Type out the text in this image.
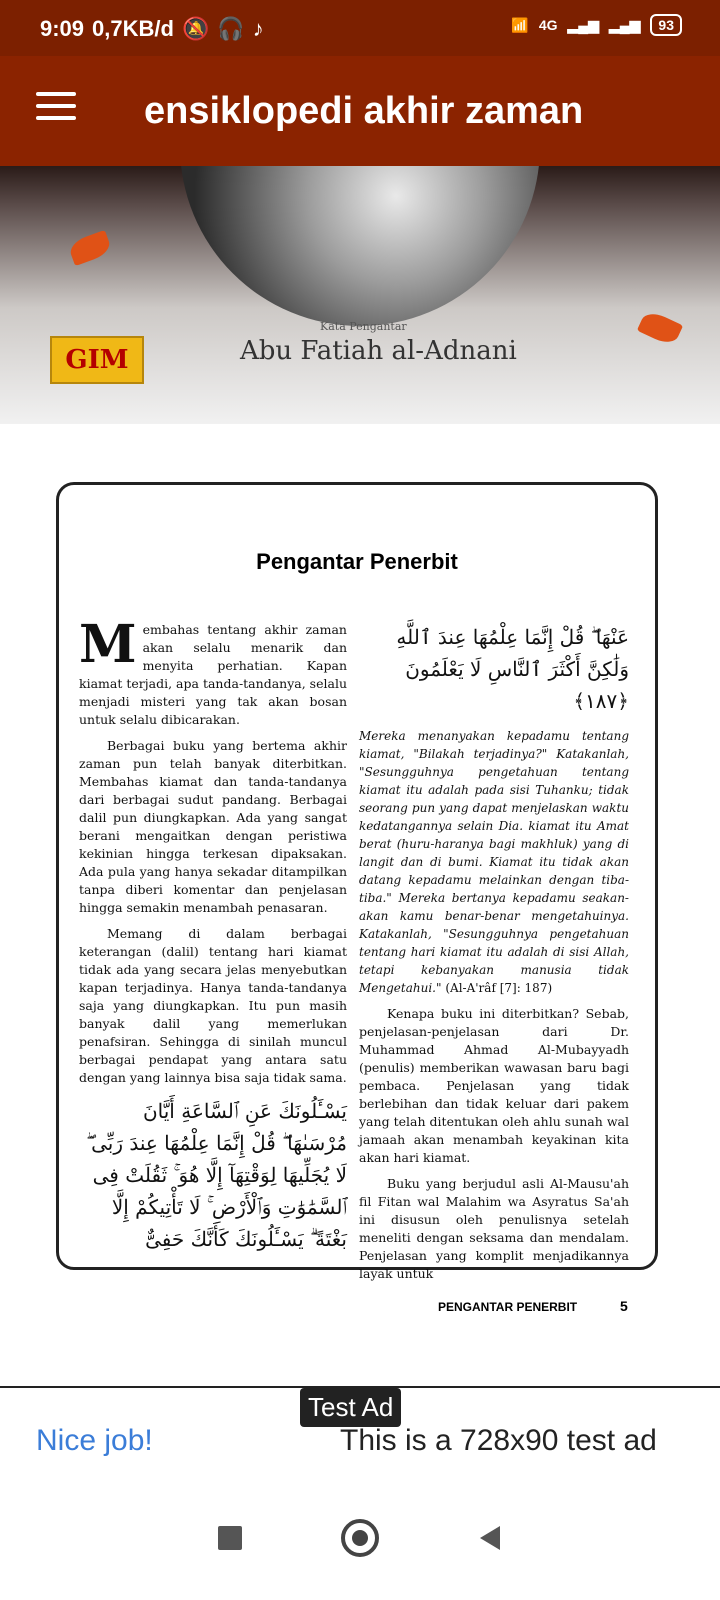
9:09 0,7KB/d 🔕 🎧 ♪	📶 4G ▂▄▆ ▂▄▆	93
ensiklopedi akhir zaman
GIM
Kata Pengantar
Abu Fatiah al-Adnani
Pengantar Penerbit

Membahas tentang akhir zaman akan selalu menarik dan menyita perhatian. Kapan kiamat terjadi, apa tanda-tandanya, selalu menjadi misteri yang tak akan bosan untuk selalu dibicarakan.

Berbagai buku yang bertema akhir zaman pun telah banyak diterbitkan. Membahas kiamat dan tanda-tandanya dari berbagai sudut pandang. Berbagai dalil pun diungkapkan. Ada yang sangat berani mengaitkan dengan peristiwa kekinian hingga terkesan dipaksakan. Ada pula yang hanya sekadar ditampilkan tanpa diberi komentar dan penjelasan hingga semakin menambah penasaran.

Memang di dalam berbagai keterangan (dalil) tentang hari kiamat tidak ada yang secara jelas menyebutkan kapan terjadinya. Hanya tanda-tandanya saja yang diungkapkan. Itu pun masih banyak dalil yang memerlukan penafsiran. Sehingga di sinilah muncul berbagai pendapat yang antara satu dengan yang lainnya bisa saja tidak sama.

يَسْـَٔلُونَكَ عَنِ ٱلسَّاعَةِ أَيَّانَ مُرْسَىٰهَا ۖ قُلْ إِنَّمَا عِلْمُهَا عِندَ رَبِّى ۖ لَا يُجَلِّيهَا لِوَقْتِهَآ إِلَّا هُوَ ۚ ثَقُلَتْ فِى ٱلسَّمَٰوَٰتِ وَٱلْأَرْضِ ۚ لَا تَأْتِيكُمْ إِلَّا بَغْتَةً ۗ يَسْـَٔلُونَكَ كَأَنَّكَ حَفِىٌّ
عَنْهَا ۖ قُلْ إِنَّمَا عِلْمُهَا عِندَ ٱللَّهِ وَلَٰكِنَّ أَكْثَرَ ٱلنَّاسِ لَا يَعْلَمُونَ ﴿١٨٧﴾

Mereka menanyakan kepadamu tentang kiamat, "Bilakah terjadinya?" Katakanlah, "Sesungguhnya pengetahuan tentang kiamat itu adalah pada sisi Tuhanku; tidak seorang pun yang dapat menjelaskan waktu kedatangannya selain Dia. kiamat itu Amat berat (huru-haranya bagi makhluk) yang di langit dan di bumi. Kiamat itu tidak akan datang kepadamu melainkan dengan tiba-tiba." Mereka bertanya kepadamu seakan-akan kamu benar-benar mengetahuinya. Katakanlah, "Sesungguhnya pengetahuan tentang hari kiamat itu adalah di sisi Allah, tetapi kebanyakan manusia tidak Mengetahui." (Al-A'râf [7]: 187)

Kenapa buku ini diterbitkan? Sebab, penjelasan-penjelasan dari Dr. Muhammad Ahmad Al-Mubayyadh (penulis) memberikan wawasan baru bagi pembaca. Penjelasan yang tidak berlebihan dan tidak keluar dari pakem yang telah ditentukan oleh ahlu sunah wal jamaah akan menambah keyakinan kita akan hari kiamat.

Buku yang berjudul asli Al-Mausu'ah fil Fitan wal Malahim wa Asyratus Sa'ah ini disusun oleh penulisnya setelah meneliti dengan seksama dan mendalam. Penjelasan yang komplit menjadikannya layak untuk

PENGANTAR PENERBIT	5
Test Ad
Nice job!	This is a 728x90 test ad
